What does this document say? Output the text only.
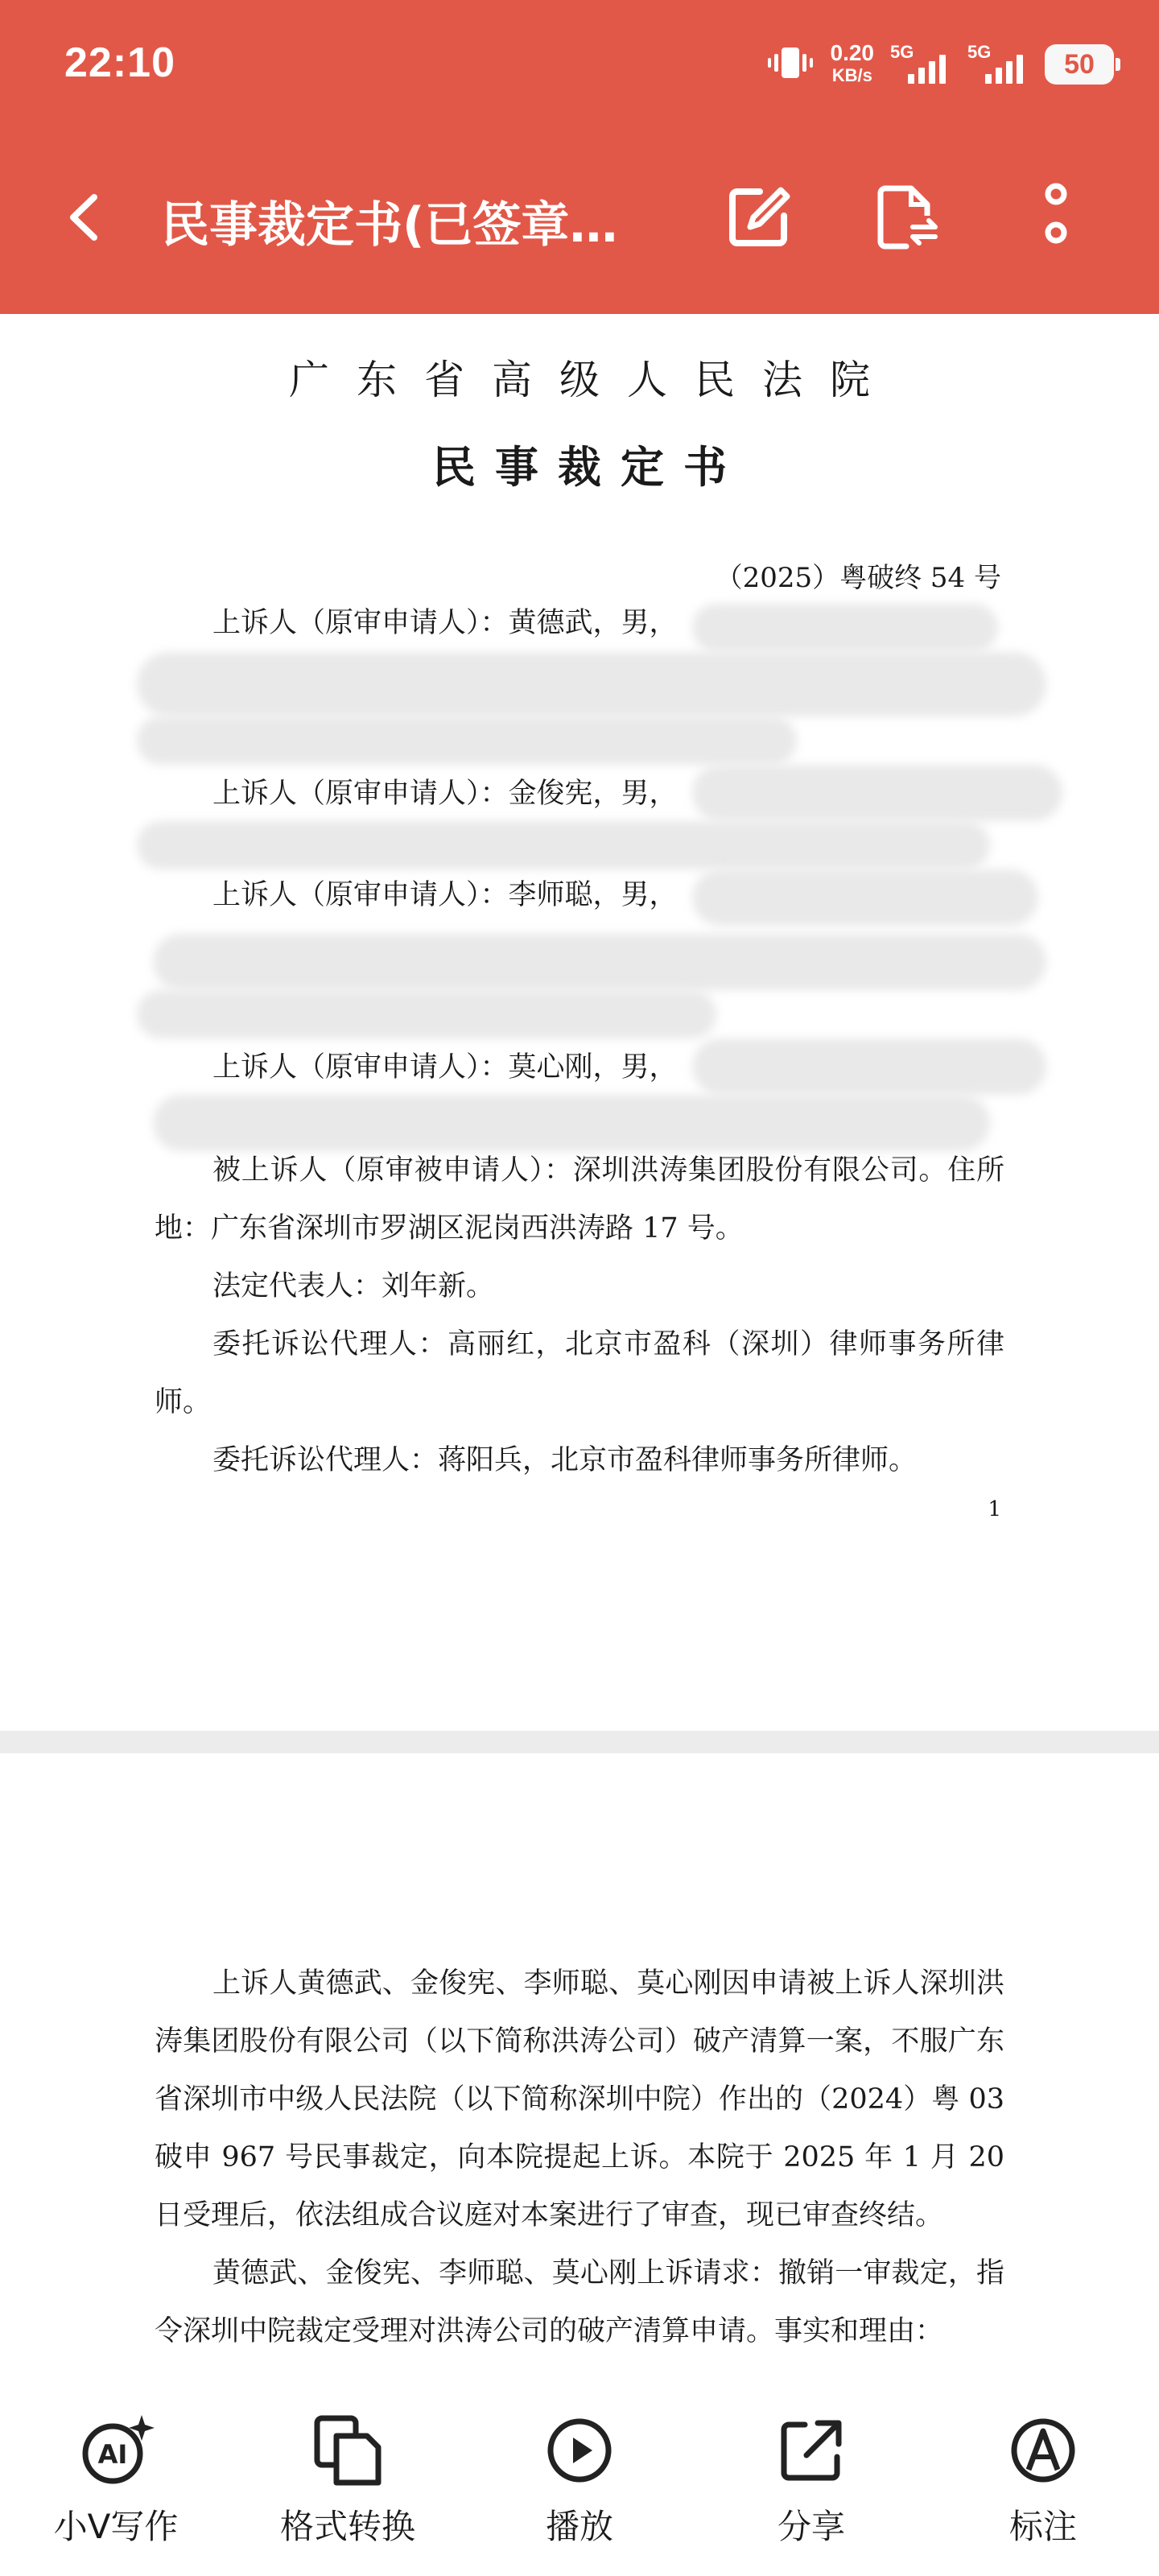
22:10	0.20
KB/s
5G	5G	50
民事裁定书(已签章…
广东省高级人民法院
民事裁定书
（2025）粤破终 54 号

上诉人（原审申请人）：黄德武，男，

上诉人（原审申请人）：金俊宪，男，

上诉人（原审申请人）：李师聪，男，

上诉人（原审申请人）：莫心刚，男，

被上诉人（原审被申请人）：深圳洪涛集团股份有限公司。住所地：广东省深圳市罗湖区泥岗西洪涛路 17 号。

法定代表人：刘年新。

委托诉讼代理人：高丽红，北京市盈科（深圳）律师事务所律师。

委托诉讼代理人：蒋阳兵，北京市盈科律师事务所律师。

1

上诉人黄德武、金俊宪、李师聪、莫心刚因申请被上诉人深圳洪涛集团股份有限公司（以下简称洪涛公司）破产清算一案，不服广东省深圳市中级人民法院（以下简称深圳中院）作出的（2024）粤 03 破申 967 号民事裁定，向本院提起上诉。本院于 2025 年 1 月 20 日受理后，依法组成合议庭对本案进行了审查，现已审查终结。

黄德武、金俊宪、李师聪、莫心刚上诉请求：撤销一审裁定，指令深圳中院裁定受理对洪涛公司的破产清算申请。事实和理由：

AI
小V写作	格式转换	播放	分享	标注
